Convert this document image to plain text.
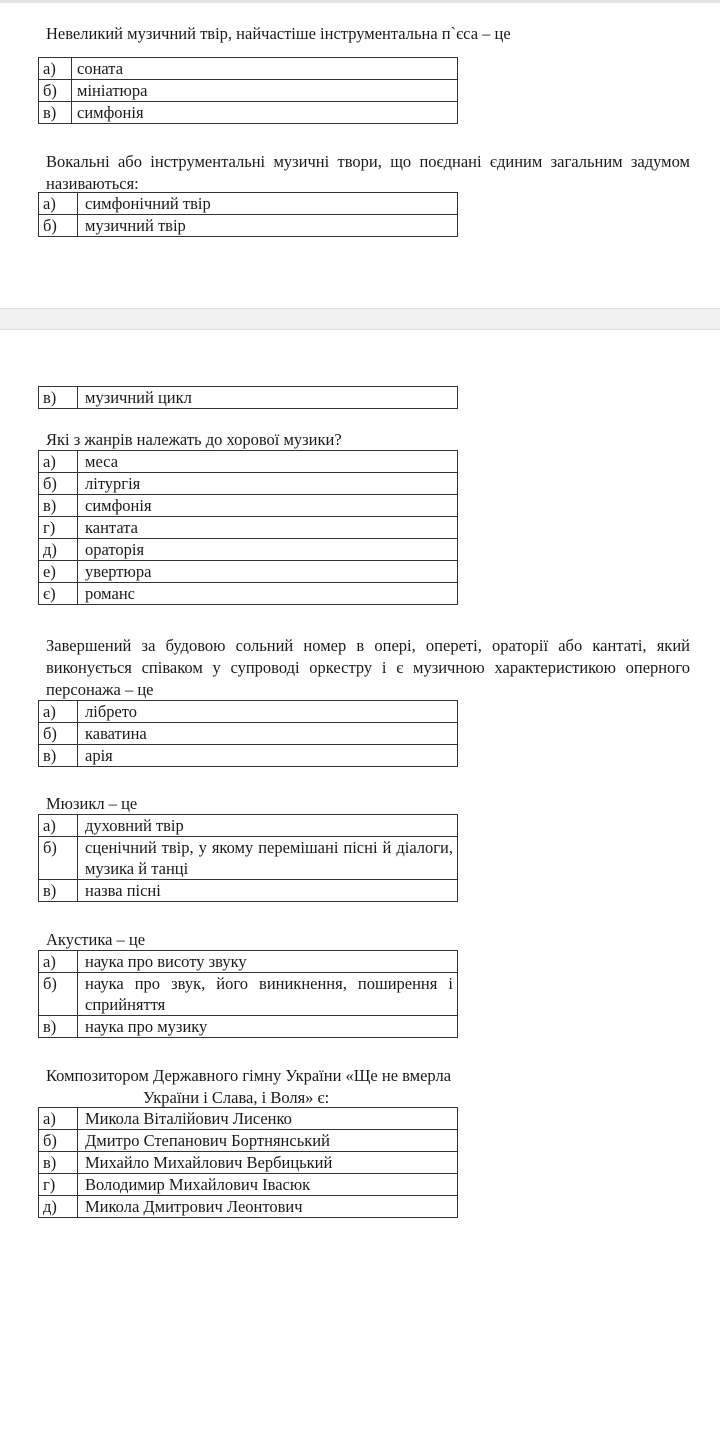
Невеликий музичний твір, найчастіше інструментальна п`єса – це
а)	соната
б)	мініатюра
в)	симфонія
Вокальні або інструментальні музичні твори, що поєднані єдиним загальним задумом називаються:
а)	симфонічний твір
б)	музичний твір
в)	музичний цикл
Які з жанрів належать до хорової музики?
а)	меса
б)	літургія
в)	симфонія
г)	кантата
д)	ораторія
е)	увертюра
є)	романс
Завершений за будовою сольний номер в опері, опереті, ораторії або кантаті, який виконується співаком у супроводі оркестру і є музичною характеристикою оперного персонажа – це
а)	лібрето
б)	каватина
в)	арія
Мюзикл – це
а)	духовний твір
б)	сценічний твір, у якому перемішані пісні й діалоги, музика й танці
в)	назва пісні
Акустика – це
а)	наука про висоту звуку
б)	наука про звук, його виникнення, поширення і сприйняття
в)	наука про музику
Композитором Державного гімну України «Ще не вмерла
України і Слава, і Воля» є:
а)	Микола Віталійович Лисенко
б)	Дмитро Степанович Бортнянський
в)	Михайло Михайлович Вербицький
г)	Володимир Михайлович Івасюк
д)	Микола Дмитрович Леонтович
